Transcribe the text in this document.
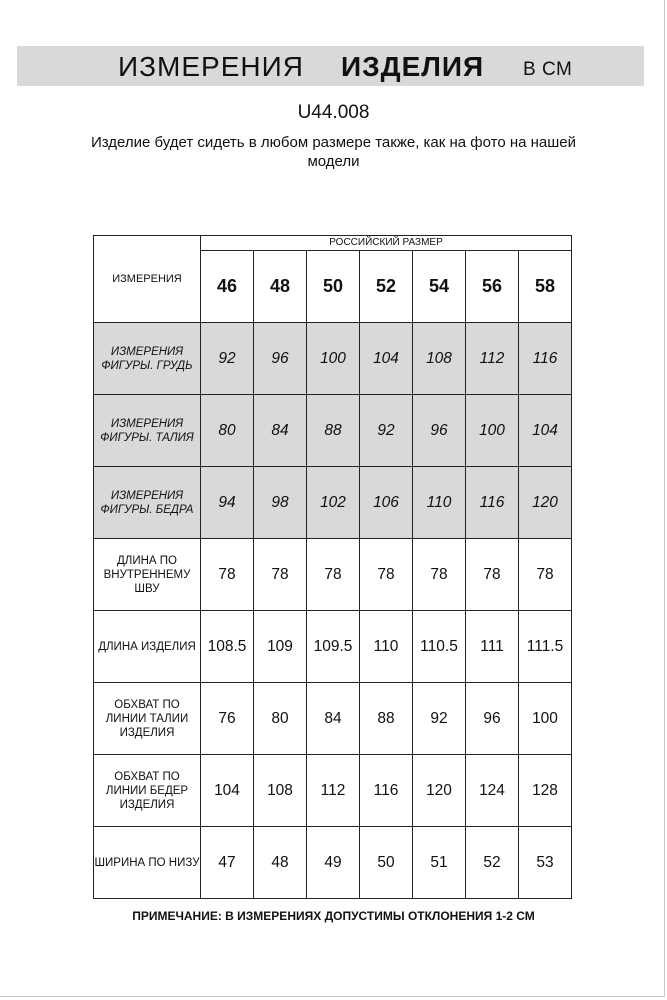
ИЗМЕРЕНИЯ ИЗДЕЛИЯ В СМ
U44.008
Изделие будет сидеть в любом размере также, как на фото на нашей модели
ИЗМЕРЕНИЯ	РОССИЙСКИЙ РАЗМЕР						
	46	48	50	52	54	56	58
ИЗМЕРЕНИЯ ФИГУРЫ. ГРУДЬ	92	96	100	104	108	112	116
ИЗМЕРЕНИЯ ФИГУРЫ. ТАЛИЯ	80	84	88	92	96	100	104
ИЗМЕРЕНИЯ ФИГУРЫ. БЕДРА	94	98	102	106	110	116	120
ДЛИНА ПО ВНУТРЕННЕМУ ШВУ	78	78	78	78	78	78	78
ДЛИНА ИЗДЕЛИЯ	108.5	109	109.5	110	110.5	111	111.5
ОБХВАТ ПО ЛИНИИ ТАЛИИ ИЗДЕЛИЯ	76	80	84	88	92	96	100
ОБХВАТ ПО ЛИНИИ БЕДЕР ИЗДЕЛИЯ	104	108	112	116	120	124	128
ШИРИНА ПО НИЗУ	47	48	49	50	51	52	53
ПРИМЕЧАНИЕ: В ИЗМЕРЕНИЯХ ДОПУСТИМЫ ОТКЛОНЕНИЯ 1-2 СМ
